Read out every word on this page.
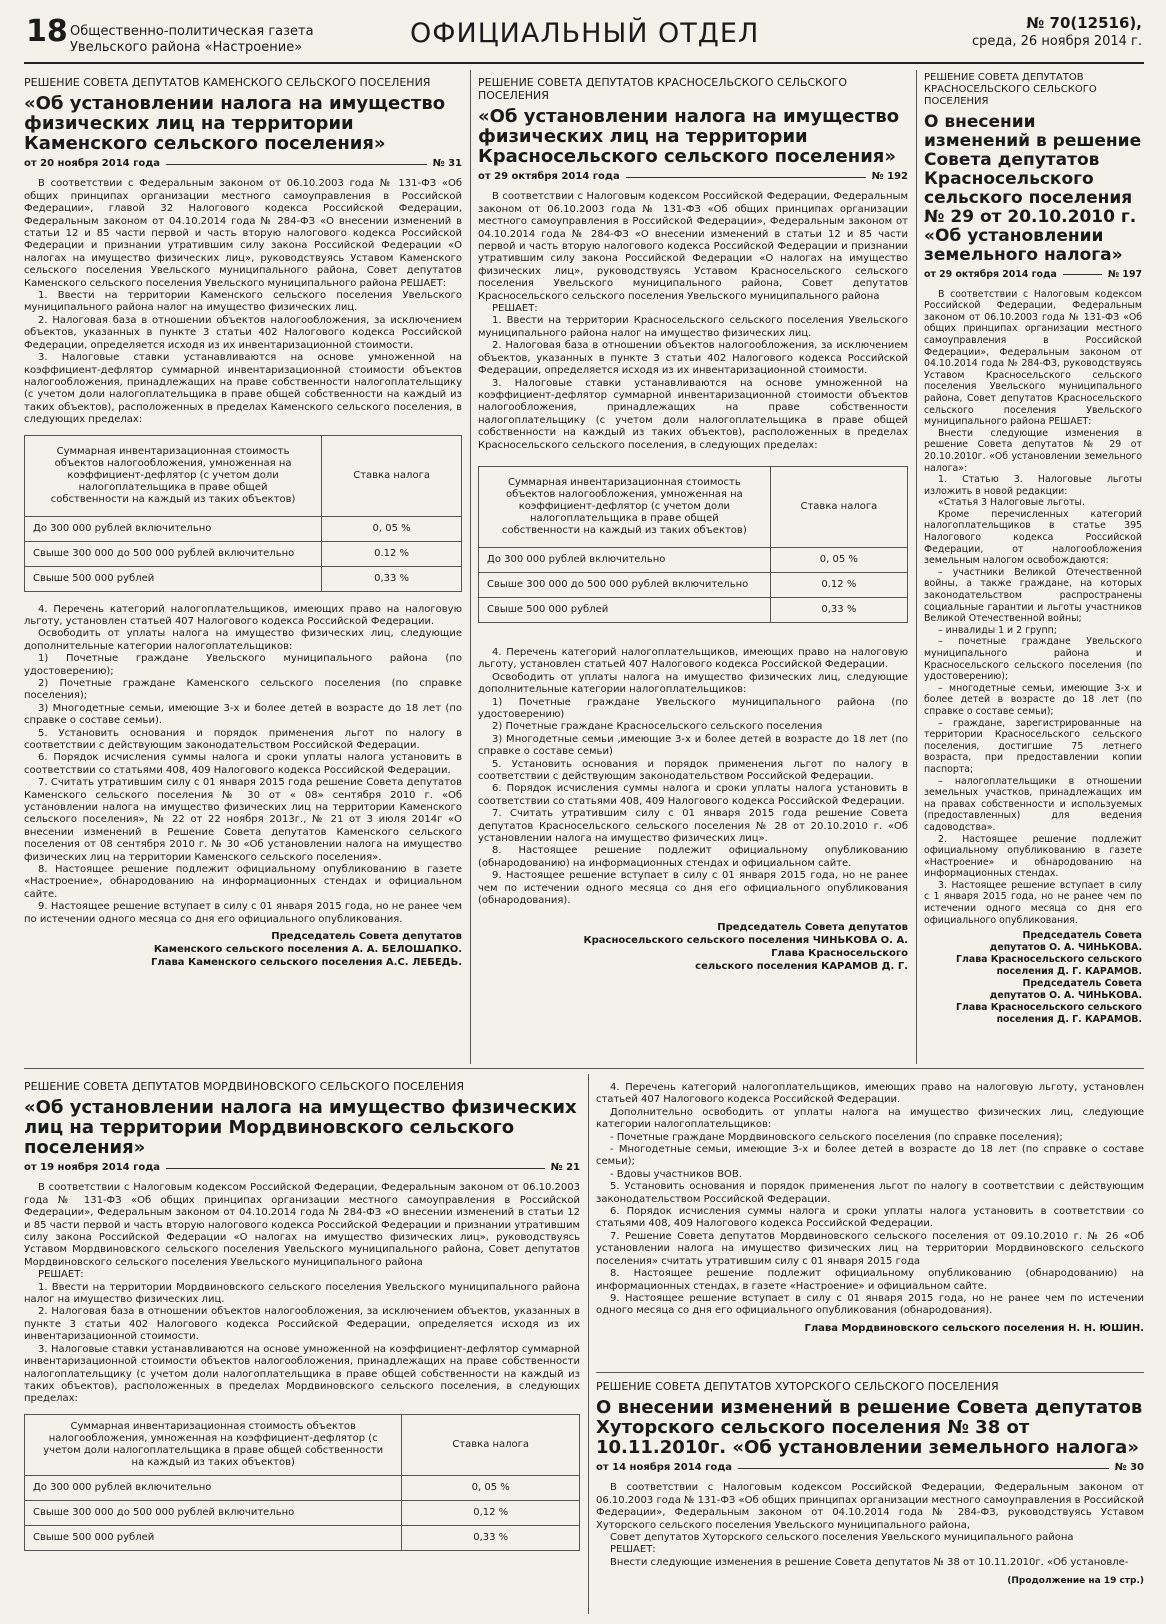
18 Общественно-политическая газета
Увельского района «Настроение»	ОФИЦИАЛЬНЫЙ ОТДЕЛ	№ 70(12516),
среда, 26 ноября 2014 г.
РЕШЕНИЕ СОВЕТА ДЕПУТАТОВ КАМЕНСКОГО СЕЛЬСКОГО ПОСЕЛЕНИЯ
«Об установлении налога на имущество физических лиц на территории Каменского сельского поселения»
от 20 ноября 2014 года	№ 31

В соответствии с Федеральным законом от 06.10.2003 года № 131-ФЗ «Об общих принципах организации местного самоуправления в Российской Федерации», главой 32 Налогового кодекса Российской Федерации, Федеральным законом от 04.10.2014 года № 284-ФЗ «О внесении изменений в статьи 12 и 85 части первой и часть вторую налогового кодекса Российской Федерации и признании утратившим силу закона Российской Федерации «О налогах на имущество физических лиц», руководствуясь Уставом Каменского сельского поселения Увельского муниципального района, Совет депутатов Каменского сельского поселения Увельского муниципального района РЕШАЕТ:

1. Ввести на территории Каменского сельского поселения Увельского муниципального района налог на имущество физических лиц.

2. Налоговая база в отношении объектов налогообложения, за исключением объектов, указанных в пункте 3 статьи 402 Налогового кодекса Российской Федерации, определяется исходя из их инвентаризационной стоимости.

3. Налоговые ставки устанавливаются на основе умноженной на коэффициент-дефлятор суммарной инвентаризационной стоимости объектов налогообложения, принадлежащих на праве собственности налогоплательщику (с учетом доли налогоплательщика в праве общей собственности на каждый из таких объектов), расположенных в пределах Каменского сельского поселения, в следующих пределах:

Суммарная инвентаризационная стоимость объектов налогообложения, умноженная на коэффициент-дефлятор (с учетом доли налогоплательщика в праве общей собственности на каждый из таких объектов)	Ставка налога
До 300 000 рублей включительно	0, 05 %
Свыше 300 000 до 500 000 рублей включительно	0.12 %
Свыше 500 000 рублей	0,33 %

4. Перечень категорий налогоплательщиков, имеющих право на налоговую льготу, установлен статьей 407 Налогового кодекса Российской Федерации.

Освободить от уплаты налога на имущество физических лиц, следующие дополнительные категории налогоплательщиков:

1) Почетные граждане Увельского муниципального района (по удостоверению);

2) Почетные граждане Каменского сельского поселения (по справке поселения);

3) Многодетные семьи, имеющие 3-х и более детей в возрасте до 18 лет (по справке о составе семьи).

5. Установить основания и порядок применения льгот по налогу в соответствии с действующим законодательством Российской Федерации.

6. Порядок исчисления суммы налога и сроки уплаты налога установить в соответствии со статьями 408, 409 Налогового кодекса Российской Федерации.

7. Считать утратившим силу с 01 января 2015 года решение Совета депутатов Каменского сельского поселения № 30 от « 08» сентября 2010 г. «Об установлении налога на имущество физических лиц на территории Каменского сельского поселения», № 22 от 22 ноября 2013г., № 21 от 3 июля 2014г «О внесении изменений в Решение Совета депутатов Каменского сельского поселения от 08 сентября 2010 г. № 30 «Об установлении налога на имущество физических лиц на территории Каменского сельского поселения».

8. Настоящее решение подлежит официальному опубликованию в газете «Настроение», обнародованию на информационных стендах и официальном сайте.

9. Настоящее решение вступает в силу с 01 января 2015 года, но не ранее чем по истечении одного месяца со дня его официального опубликования.

Председатель Совета депутатов
Каменского сельского поселения А. А. БЕЛОШАПКО.
Глава Каменского сельского поселения А.С. ЛЕБЕДЬ.
РЕШЕНИЕ СОВЕТА ДЕПУТАТОВ КРАСНОСЕЛЬСКОГО СЕЛЬСКОГО ПОСЕЛЕНИЯ
«Об установлении налога на имущество физических лиц на территории Красносельского сельского поселения»
от 29 октября 2014 года	№ 192

В соответствии с Налоговым кодексом Российской Федерации, Федеральным законом от 06.10.2003 года № 131-ФЗ «Об общих принципах организации местного самоуправления в Российской Федерации», Федеральным законом от 04.10.2014 года № 284-ФЗ «О внесении изменений в статьи 12 и 85 части первой и часть вторую налогового кодекса Российской Федерации и признании утратившим силу закона Российской Федерации «О налогах на имущество физических лиц», руководствуясь Уставом Красносельского сельского поселения Увельского муниципального района, Совет депутатов Красносельского сельского поселения Увельского муниципального района

РЕШАЕТ:

1. Ввести на территории Красносельского сельского поселения Увельского муниципального района налог на имущество физических лиц.

2. Налоговая база в отношении объектов налогообложения, за исключением объектов, указанных в пункте 3 статьи 402 Налогового кодекса Российской Федерации, определяется исходя из их инвентаризационной стоимости.

3. Налоговые ставки устанавливаются на основе умноженной на коэффициент-дефлятор суммарной инвентаризационной стоимости объектов налогообложения, принадлежащих на праве собственности налогоплательщику (с учетом доли налогоплательщика в праве общей собственности на каждый из таких объектов), расположенных в пределах Красносельского сельского поселения, в следующих пределах:

Суммарная инвентаризационная стоимость объектов налогообложения, умноженная на коэффициент-дефлятор (с учетом доли налогоплательщика в праве общей собственности на каждый из таких объектов)	Ставка налога
До 300 000 рублей включительно	0, 05 %
Свыше 300 000 до 500 000 рублей включительно	0.12 %
Свыше 500 000 рублей	0,33 %

4. Перечень категорий налогоплательщиков, имеющих право на налоговую льготу, установлен статьей 407 Налогового кодекса Российской Федерации.

Освободить от уплаты налога на имущество физических лиц, следующие дополнительные категории налогоплательщиков:

1) Почетные граждане Увельского муниципального района (по удостоверению)

2) Почетные граждане Красносельского сельского поселения

3) Многодетные семьи ,имеющие 3-х и более детей в возрасте до 18 лет (по справке о составе семьи)

5. Установить основания и порядок применения льгот по налогу в соответствии с действующим законодательством Российской Федерации.

6. Порядок исчисления суммы налога и сроки уплаты налога установить в соответствии со статьями 408, 409 Налогового кодекса Российской Федерации.

7. Считать утратившим силу с 01 января 2015 года решение Совета депутатов Красносельского сельского поселения № 28 от 20.10.2010 г. «Об установлении налога на имущество физических лиц».

8. Настоящее решение подлежит официальному опубликованию (обнародованию) на информационных стендах и официальном сайте.

9. Настоящее решение вступает в силу с 01 января 2015 года, но не ранее чем по истечении одного месяца со дня его официального опубликования (обнародования).

Председатель Совета депутатов
Красносельского сельского поселения ЧИНЬКОВА О. А.
Глава Красносельского
сельского поселения КАРАМОВ Д. Г.
РЕШЕНИЕ СОВЕТА ДЕПУТАТОВ КРАСНОСЕЛЬСКОГО СЕЛЬСКОГО ПОСЕЛЕНИЯ
О внесении изменений в решение Совета депутатов Красносельского сельского поселения № 29 от 20.10.2010 г. «Об установлении земельного налога»
от 29 октября 2014 года	№ 197

В соответствии с Налоговым кодексом Российской Федерации, Федеральным законом от 06.10.2003 года № 131-ФЗ «Об общих принципах организации местного самоуправления в Российской Федерации», Федеральным законом от 04.10.2014 года № 284-ФЗ, руководствуясь Уставом Красносельского сельского поселения Увельского муниципального района, Совет депутатов Красносельского сельского поселения Увельского муниципального района РЕШАЕТ:

Внести следующие изменения в решение Совета депутатов № 29 от 20.10.2010г. «Об установлении земельного налога»:

1. Статью 3. Налоговые льготы изложить в новой редакции:

«Статья 3 Налоговые льготы.

Кроме перечисленных категорий налогоплательщиков в статье 395 Налогового кодекса Российской Федерации, от налогообложения земельным налогом освобождаются:

– участники Великой Отечественной войны, а также граждане, на которых законодательством распространены социальные гарантии и льготы участников Великой Отечественной войны;

– инвалиды 1 и 2 групп;

– почетные граждане Увельского муниципального района и Красносельского сельского поселения (по удостоверению);

– многодетные семьи, имеющие 3-х и более детей в возрасте до 18 лет (по справке о составе семьи);

– граждане, зарегистрированные на территории Красносельского сельского поселения, достигшие 75 летнего возраста, при предоставлении копии паспорта;

– налогоплательщики в отношении земельных участков, принадлежащих им на правах собственности и используемых (предоставленных) для ведения садоводства».

2. Настоящее решение подлежит официальному опубликованию в газете «Настроение» и обнародованию на информационных стендах.

3. Настоящее решение вступает в силу с 1 января 2015 года, но не ранее чем по истечении одного месяца со дня его официального опубликования.

Председатель Совета
депутатов О. А. ЧИНЬКОВА.
Глава Красносельского сельского поселения Д. Г. КАРАМОВ.
Председатель Совета
депутатов О. А. ЧИНЬКОВА.
Глава Красносельского сельского поселения Д. Г. КАРАМОВ.
РЕШЕНИЕ СОВЕТА ДЕПУТАТОВ МОРДВИНОВСКОГО СЕЛЬСКОГО ПОСЕЛЕНИЯ
«Об установлении налога на имущество физических лиц на территории Мордвиновского сельского поселения»
от 19 ноября 2014 года	№ 21

В соответствии с Налоговым кодексом Российской Федерации, Федеральным законом от 06.10.2003 года № 131-ФЗ «Об общих принципах организации местного самоуправления в Российской Федерации», Федеральным законом от 04.10.2014 года № 284-ФЗ «О внесении изменений в статьи 12 и 85 части первой и часть вторую налогового кодекса Российской Федерации и признании утратившим силу закона Российской Федерации «О налогах на имущество физических лиц», руководствуясь Уставом Мордвиновского сельского поселения Увельского муниципального района, Совет депутатов Мордвиновского сельского поселения Увельского муниципального района

РЕШАЕТ:

1. Ввести на территории Мордвиновского сельского поселения Увельского муниципального района налог на имущество физических лиц.

2. Налоговая база в отношении объектов налогообложения, за исключением объектов, указанных в пункте 3 статьи 402 Налогового кодекса Российской Федерации, определяется исходя из их инвентаризационной стоимости.

3. Налоговые ставки устанавливаются на основе умноженной на коэффициент-дефлятор суммарной инвентаризационной стоимости объектов налогообложения, принадлежащих на праве собственности налогоплательщику (с учетом доли налогоплательщика в праве общей собственности на каждый из таких объектов), расположенных в пределах Мордвиновского сельского поселения, в следующих пределах:

Суммарная инвентаризационная стоимость объектов налогообложения, умноженная на коэффициент-дефлятор (с учетом доли налогоплательщика в праве общей собственности на каждый из таких объектов)	Ставка налога
До 300 000 рублей включительно	0, 05 %
Свыше 300 000 до 500 000 рублей включительно	0,12 %
Свыше 500 000 рублей	0,33 %

4. Перечень категорий налогоплательщиков, имеющих право на налоговую льготу, установлен статьей 407 Налогового кодекса Российской Федерации.

Дополнительно освободить от уплаты налога на имущество физических лиц, следующие категории налогоплательщиков:

- Почетные граждане Мордвиновского сельского поселения (по справке поселения);

- Многодетные семьи, имеющие 3-х и более детей в возрасте до 18 лет (по справке о составе семьи);

- Вдовы участников ВОВ.

5. Установить основания и порядок применения льгот по налогу в соответствии с действующим законодательством Российской Федерации.

6. Порядок исчисления суммы налога и сроки уплаты налога установить в соответствии со статьями 408, 409 Налогового кодекса Российской Федерации.

7. Решение Совета депутатов Мордвиновского сельского поселения от 09.10.2010 г. № 26 «Об установлении налога на имущество физических лиц на территории Мордвиновского сельского поселения» считать утратившим силу с 01 января 2015 года

8. Настоящее решение подлежит официальному опубликованию (обнародованию) на информационных стендах, в газете «Настроение» и официальном сайте.

9. Настоящее решение вступает в силу с 01 января 2015 года, но не ранее чем по истечении одного месяца со дня его официального опубликования (обнародования).

Глава Мордвиновского сельского поселения Н. Н. ЮШИН.
РЕШЕНИЕ СОВЕТА ДЕПУТАТОВ ХУТОРСКОГО СЕЛЬСКОГО ПОСЕЛЕНИЯ
О внесении изменений в решение Совета депутатов Хуторского сельского поселения № 38 от 10.11.2010г. «Об установлении земельного налога»
от 14 ноября 2014 года	№ 30

В соответствии с Налоговым кодексом Российской Федерации, Федеральным законом от 06.10.2003 года № 131-ФЗ «Об общих принципах организации местного самоуправления в Российской Федерации», Федеральным законом от 04.10.2014 года № 284-ФЗ, руководствуясь Уставом Хуторского сельского поселения Увельского муниципального района,

Совет депутатов Хуторского сельского поселения Увельского муниципального района

РЕШАЕТ:

Внести следующие изменения в решение Совета депутатов № 38 от 10.11.2010г. «Об установле-

(Продолжение на 19 стр.)
